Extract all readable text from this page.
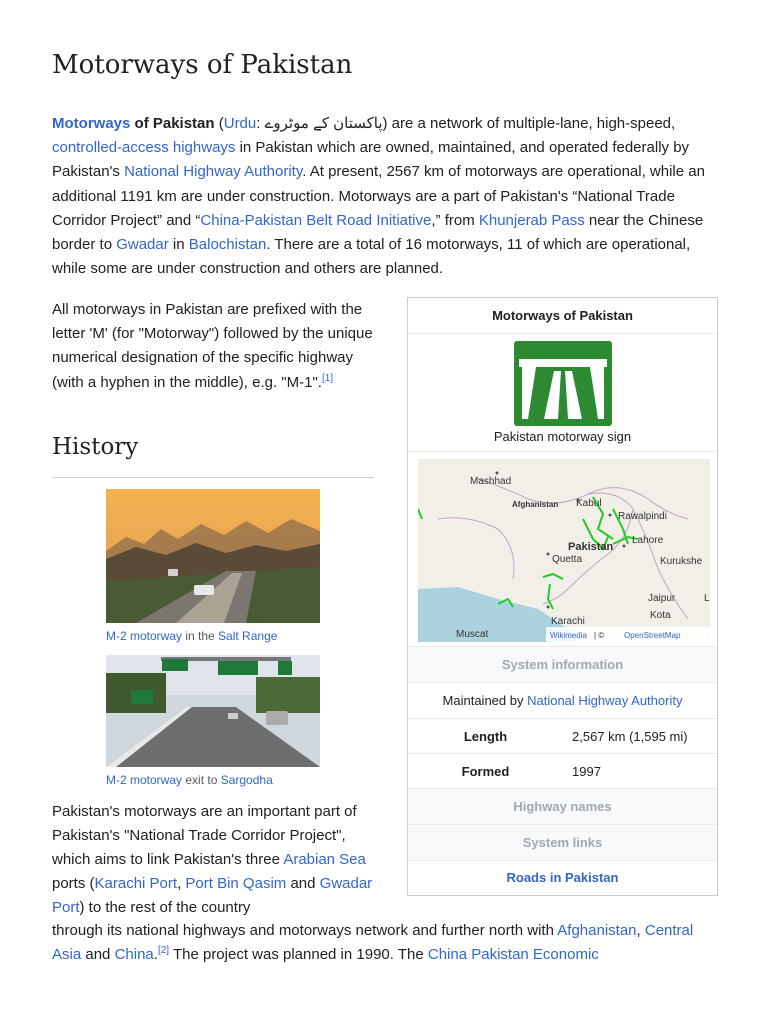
Motorways of Pakistan

Motorways of Pakistan (Urdu: پاکستان کے موٹروے) are a network of multiple-lane, high-speed, controlled-access highways in Pakistan which are owned, maintained, and operated federally by Pakistan's National Highway Authority. At present, 2567 km of motorways are operational, while an additional 1191 km are under construction. Motorways are a part of Pakistan's “National Trade Corridor Project” and “China-Pakistan Belt Road Initiative,” from Khunjerab Pass near the Chinese border to Gwadar in Balochistan. There are a total of 16 motorways, 11 of which are operational, while some are under construction and others are planned.

All motorways in Pakistan are prefixed with the letter 'M' (for "Motorway") followed by the unique numerical designation of the specific highway (with a hyphen in the middle), e.g. "M-1".[1]

History
M-2 motorway in the Salt Range
M-2 motorway exit to Sargodha

Pakistan's motorways are an important part of Pakistan's "National Trade Corridor Project", which aims to link Pakistan's three Arabian Sea ports (Karachi Port, Port Bin Qasim and Gwadar Port) to the rest of the country

through its national highways and motorways network and further north with Afghanistan, Central Asia and China.[2] The project was planned in 1990. The China Pakistan Economic

Motorways of Pakistan
Pakistan motorway sign
Mashhad
Afghanistan Kabul
Rawalpindi
Pakistan
Lahore
Quetta	Kurukshe
Jaipur
Kota
Karachi
Muscat
L
Wikimedia | © OpenStreetMap
System information
Maintained by National Highway Authority
Length	2,567 km (1,595 mi)
Formed	1997
Highway names
System links
Roads in Pakistan
